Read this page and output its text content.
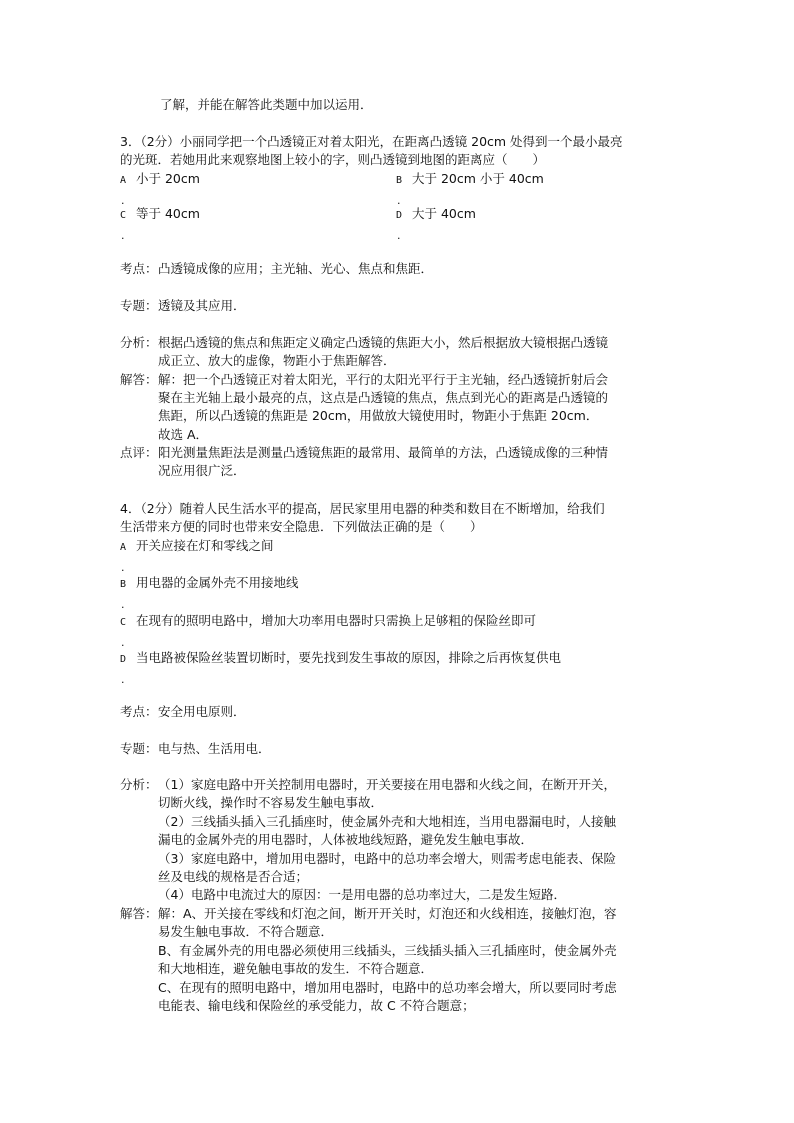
了解，并能在解答此类题中加以运用．
3．（2分）小丽同学把一个凸透镜正对着太阳光，在距离凸透镜 20cm 处得到一个最小最亮
的光斑．若她用此来观察地图上较小的字，则凸透镜到地图的距离应（　　）
A 小于 20cm
.
B 大于 20cm 小于 40cm
.
C 等于 40cm
.
D 大于 40cm
.
考点： 凸透镜成像的应用；主光轴、光心、焦点和焦距．
专题： 透镜及其应用．
分析： 根据凸透镜的焦点和焦距定义确定凸透镜的焦距大小，然后根据放大镜根据凸透镜
成正立、放大的虚像，物距小于焦距解答．
解答： 解：把一个凸透镜正对着太阳光，平行的太阳光平行于主光轴，经凸透镜折射后会
聚在主光轴上最小最亮的点，这点是凸透镜的焦点，焦点到光心的距离是凸透镜的
焦距，所以凸透镜的焦距是 20cm，用做放大镜使用时，物距小于焦距 20cm．
故选 A．
点评： 阳光测量焦距法是测量凸透镜焦距的最常用、最简单的方法，凸透镜成像的三种情
况应用很广泛．
4．（2分）随着人民生活水平的提高，居民家里用电器的种类和数目在不断增加，给我们
生活带来方便的同时也带来安全隐患．下列做法正确的是（　　）
A 开关应接在灯和零线之间
.
B 用电器的金属外壳不用接地线
.
C 在现有的照明电路中，增加大功率用电器时只需换上足够粗的保险丝即可
.
D 当电路被保险丝装置切断时，要先找到发生事故的原因，排除之后再恢复供电
.
考点： 安全用电原则．
专题： 电与热、生活用电．
分析： （1）家庭电路中开关控制用电器时，开关要接在用电器和火线之间，在断开开关，
切断火线，操作时不容易发生触电事故．
（2）三线插头插入三孔插座时，使金属外壳和大地相连，当用电器漏电时，人接触
漏电的金属外壳的用电器时，人体被地线短路，避免发生触电事故．
（3）家庭电路中，增加用电器时，电路中的总功率会增大，则需考虑电能表、保险
丝及电线的规格是否合适；
（4）电路中电流过大的原因：一是用电器的总功率过大，二是发生短路．
解答： 解：A、开关接在零线和灯泡之间，断开开关时，灯泡还和火线相连，接触灯泡，容
易发生触电事故．不符合题意．
B、有金属外壳的用电器必须使用三线插头，三线插头插入三孔插座时，使金属外壳
和大地相连，避免触电事故的发生．不符合题意．
C、在现有的照明电路中，增加用电器时，电路中的总功率会增大，所以要同时考虑
电能表、输电线和保险丝的承受能力，故 C 不符合题意；
